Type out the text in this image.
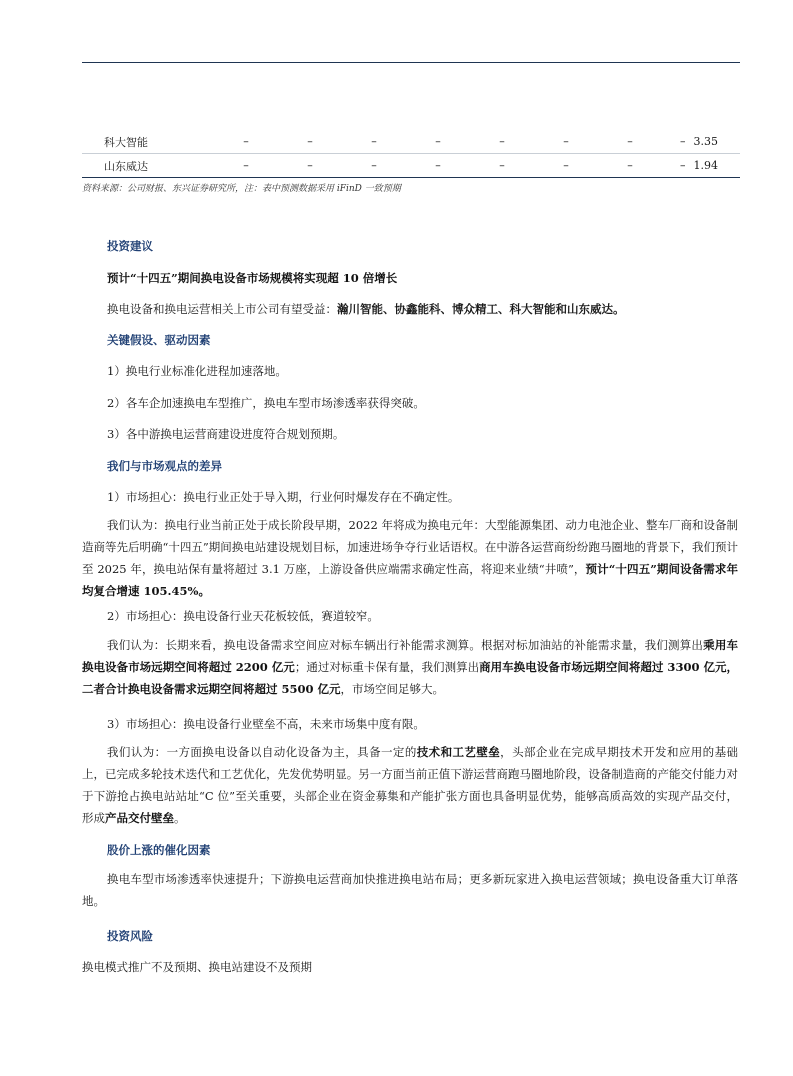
科大智能	–	–	–	–	–	–	–	– 3.35
山东威达	–	–	–	–	–	–	–	– 1.94
资料来源：公司财报、东兴证券研究所，注：表中预测数据采用 iFinD 一致预期
投资建议
预计“十四五”期间换电设备市场规模将实现超 10 倍增长
换电设备和换电运营相关上市公司有望受益：瀚川智能、协鑫能科、博众精工、科大智能和山东威达。
关键假设、驱动因素
1）换电行业标准化进程加速落地。
2）各车企加速换电车型推广，换电车型市场渗透率获得突破。
3）各中游换电运营商建设进度符合规划预期。
我们与市场观点的差异
1）市场担心：换电行业正处于导入期，行业何时爆发存在不确定性。
我们认为：换电行业当前正处于成长阶段早期，2022 年将成为换电元年：大型能源集团、动力电池企业、整车厂商和设备制造商等先后明确“十四五”期间换电站建设规划目标，加速进场争夺行业话语权。在中游各运营商纷纷跑马圈地的背景下，我们预计至 2025 年，换电站保有量将超过 3.1 万座，上游设备供应端需求确定性高，将迎来业绩“井喷”，预计“十四五”期间设备需求年均复合增速 105.45%。
2）市场担心：换电设备行业天花板较低，赛道较窄。
我们认为：长期来看，换电设备需求空间应对标车辆出行补能需求测算。根据对标加油站的补能需求量，我们测算出乘用车换电设备市场远期空间将超过 2200 亿元；通过对标重卡保有量，我们测算出商用车换电设备市场远期空间将超过 3300 亿元，二者合计换电设备需求远期空间将超过 5500 亿元，市场空间足够大。
3）市场担心：换电设备行业壁垒不高，未来市场集中度有限。
我们认为：一方面换电设备以自动化设备为主，具备一定的技术和工艺壁垒，头部企业在完成早期技术开发和应用的基础上，已完成多轮技术迭代和工艺优化，先发优势明显。另一方面当前正值下游运营商跑马圈地阶段，设备制造商的产能交付能力对于下游抢占换电站站址“C 位”至关重要，头部企业在资金募集和产能扩张方面也具备明显优势，能够高质高效的实现产品交付，形成产品交付壁垒。
股价上涨的催化因素
换电车型市场渗透率快速提升；下游换电运营商加快推进换电站布局；更多新玩家进入换电运营领域；换电设备重大订单落地。
投资风险
换电模式推广不及预期、换电站建设不及预期
